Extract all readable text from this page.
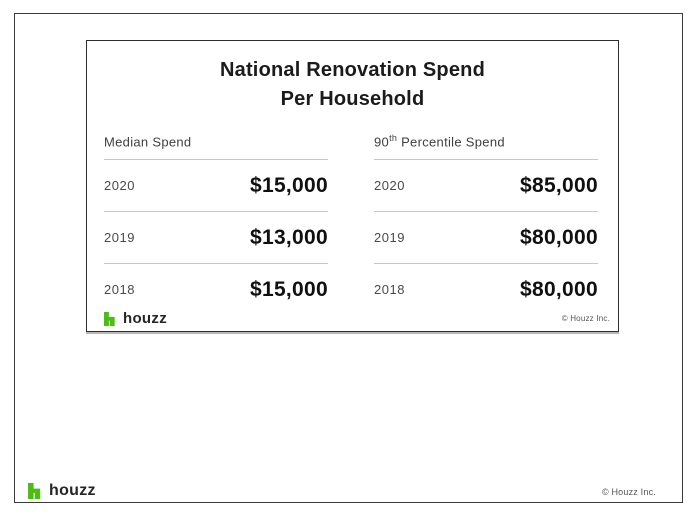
National Renovation Spend
Per Household
Median Spend
2020	$15,000
2019	$13,000
2018	$15,000
90th Percentile Spend
2020	$85,000
2019	$80,000
2018	$80,000
houzz	© Houzz Inc.
houzz	© Houzz Inc.
